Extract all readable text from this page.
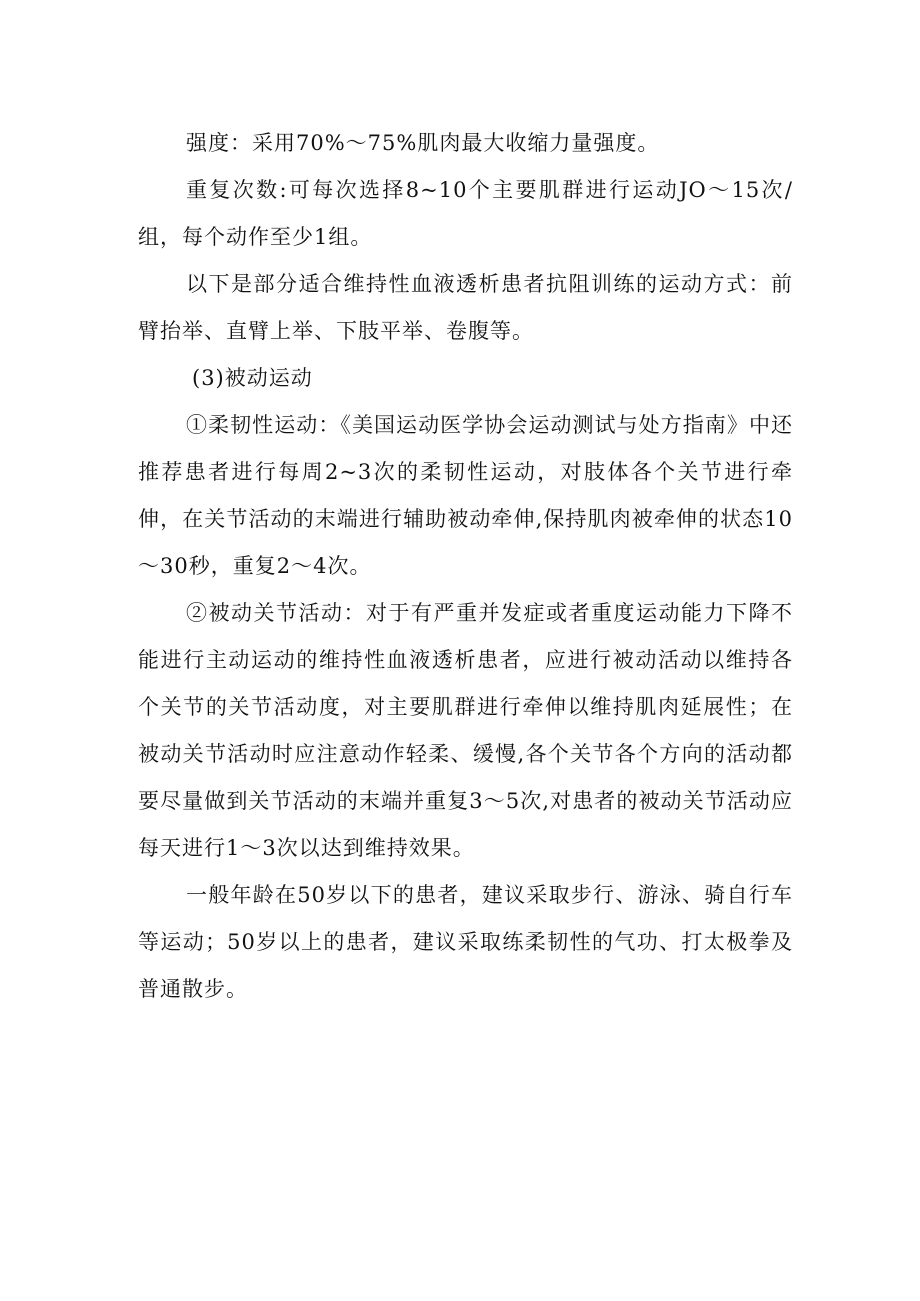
强度：采用70%～75%肌肉最大收缩力量强度。

重复次数:可每次选择8~10个主要肌群进行运动JO～15次/组，每个动作至少1组。

以下是部分适合维持性血液透析患者抗阻训练的运动方式：前臂抬举、直臂上举、下肢平举、卷腹等。

(3)被动运动

①柔韧性运动：《美国运动医学协会运动测试与处方指南》中还推荐患者进行每周2~3次的柔韧性运动，对肢体各个关节进行牵伸，在关节活动的末端进行辅助被动牵伸,保持肌肉被牵伸的状态10～30秒，重复2～4次。

②被动关节活动：对于有严重并发症或者重度运动能力下降不能进行主动运动的维持性血液透析患者，应进行被动活动以维持各个关节的关节活动度，对主要肌群进行牵伸以维持肌肉延展性；在被动关节活动时应注意动作轻柔、缓慢,各个关节各个方向的活动都要尽量做到关节活动的末端并重复3～5次,对患者的被动关节活动应每天进行1～3次以达到维持效果。

一般年龄在50岁以下的患者，建议采取步行、游泳、骑自行车等运动；50岁以上的患者，建议采取练柔韧性的气功、打太极拳及普通散步。
